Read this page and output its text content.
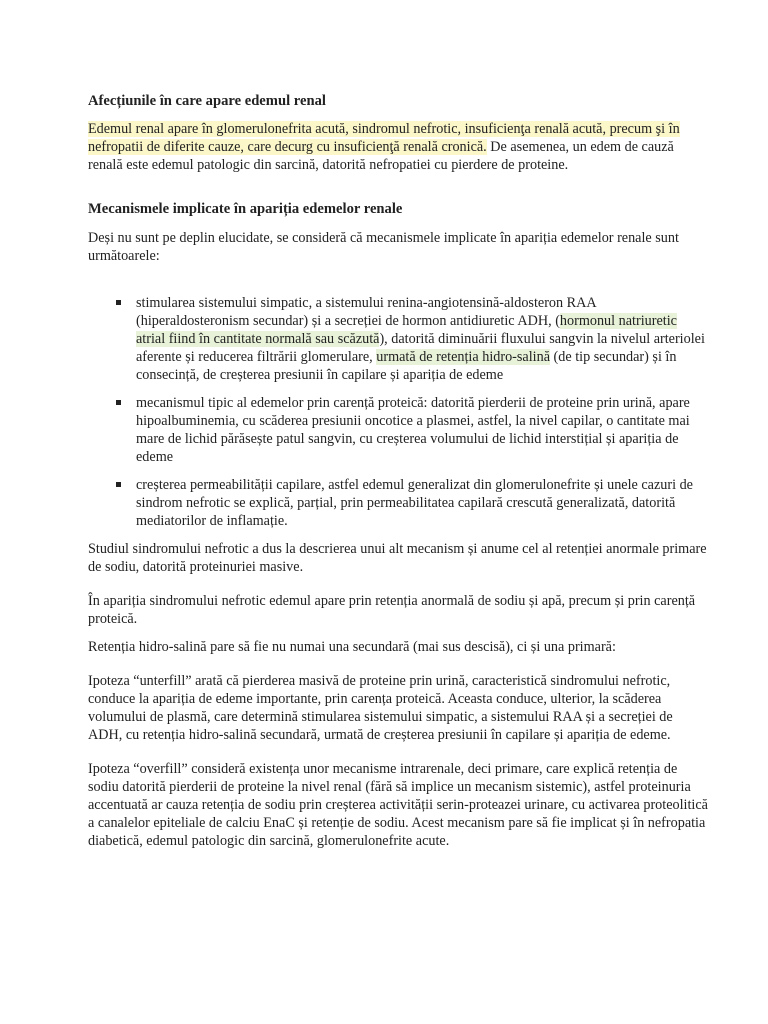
Afecțiunile în care apare edemul renal

Edemul renal apare în glomerulonefrita acută, sindromul nefrotic, insuficienţa renală acută, precum şi în nefropatii de diferite cauze, care decurg cu insuficienţă renală cronică. De asemenea, un edem de cauză renală este edemul patologic din sarcină, datorită nefropatiei cu pierdere de proteine.

Mecanismele implicate în apariția edemelor renale

Deși nu sunt pe deplin elucidate, se consideră că mecanismele implicate în apariția edemelor renale sunt următoarele:

stimularea sistemului simpatic, a sistemului renina-angiotensină-aldosteron RAA (hiperaldosteronism secundar) și a secreției de hormon antidiuretic ADH, (hormonul natriuretic atrial fiind în cantitate normală sau scăzută), datorită diminuării fluxului sangvin la nivelul arteriolei aferente și reducerea filtrării glomerulare, urmată de retenția hidro-salină (de tip secundar) și în consecință, de creșterea presiunii în capilare și apariția de edeme
mecanismul tipic al edemelor prin carență proteică: datorită pierderii de proteine prin urină, apare hipoalbuminemia, cu scăderea presiunii oncotice a plasmei, astfel, la nivel capilar, o cantitate mai mare de lichid părăsește patul sangvin, cu creșterea volumului de lichid interstițial și apariția de edeme
creșterea permeabilității capilare, astfel edemul generalizat din glomerulonefrite și unele cazuri de sindrom nefrotic se explică, parțial, prin permeabilitatea capilară crescută generalizată, datorită mediatorilor de inflamație.

Studiul sindromului nefrotic a dus la descrierea unui alt mecanism și anume cel al retenției anormale primare de sodiu, datorită proteinuriei masive.

În apariția sindromului nefrotic edemul apare prin retenția anormală de sodiu și apă, precum și prin carență proteică.

Retenția hidro-salină pare să fie nu numai una secundară (mai sus descisă), ci și una primară:

Ipoteza “unterfill” arată că pierderea masivă de proteine prin urină, caracteristică sindromului nefrotic, conduce la apariția de edeme importante, prin carența proteică. Aceasta conduce, ulterior, la scăderea volumului de plasmă, care determină stimularea sistemului simpatic, a sistemului RAA și a secreției de ADH, cu retenția hidro-salină secundară, urmată de creșterea presiunii în capilare și apariția de edeme.

Ipoteza “overfill” consideră existența unor mecanisme intrarenale, deci primare, care explică retenția de sodiu datorită pierderii de proteine la nivel renal (fără să implice un mecanism sistemic), astfel proteinuria accentuată ar cauza retenția de sodiu prin creșterea activității serin-proteazei urinare, cu activarea proteolitică a canalelor epiteliale de calciu EnaC și retenție de sodiu. Acest mecanism pare să fie implicat și în nefropatia diabetică, edemul patologic din sarcină, glomerulonefrite acute.
